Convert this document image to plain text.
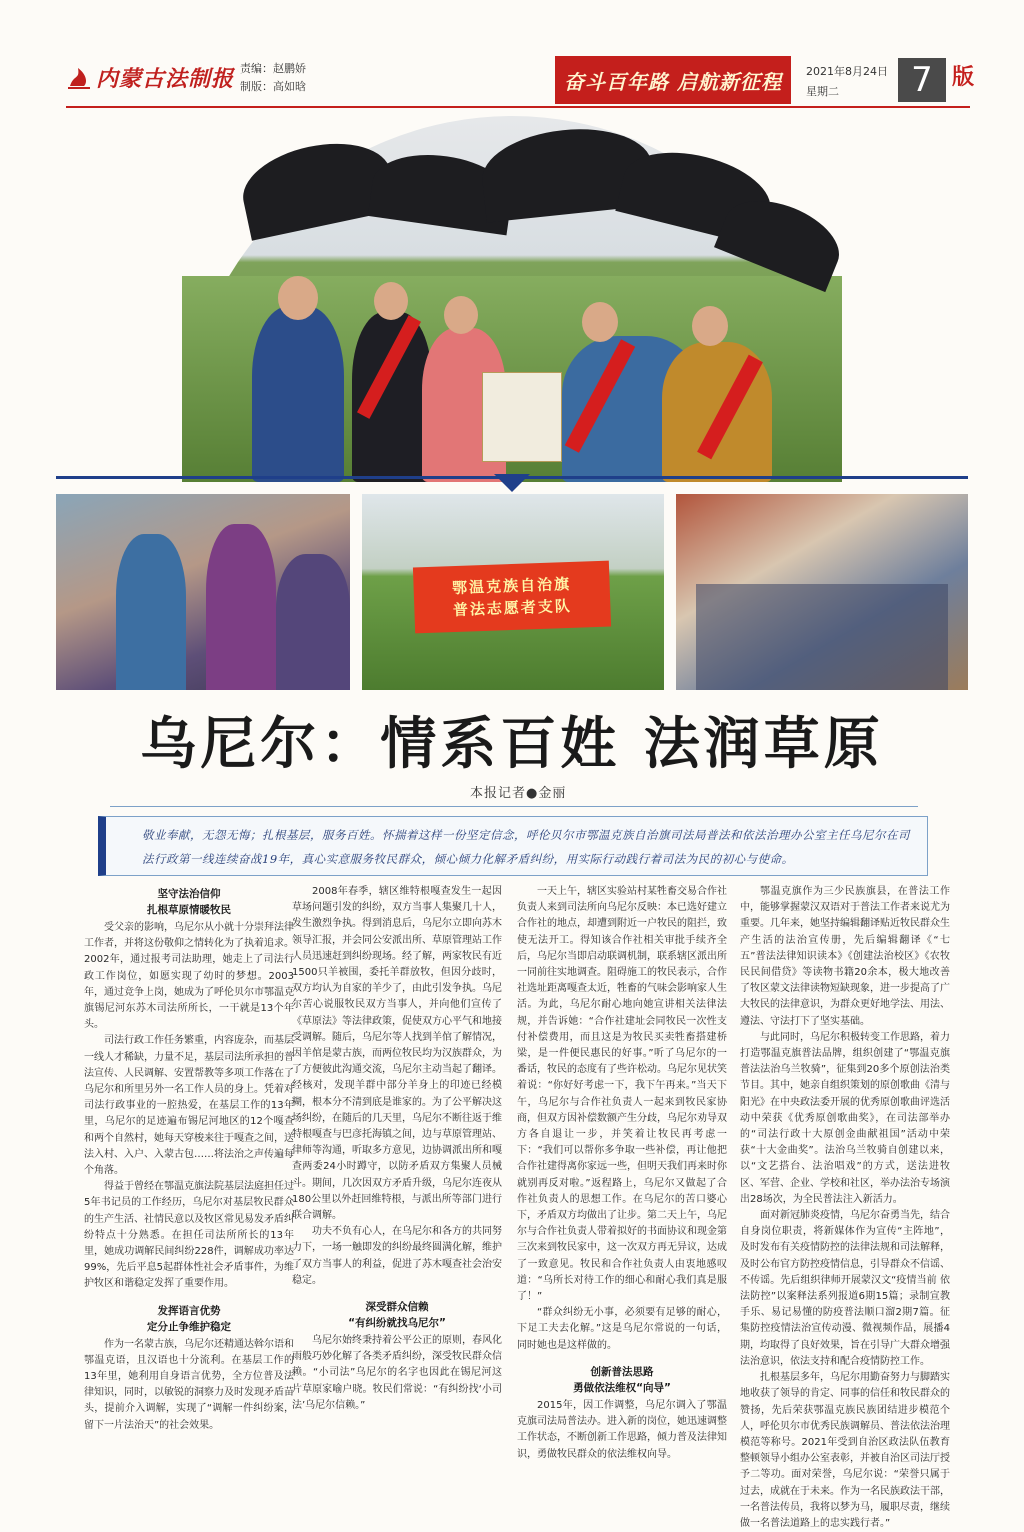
内蒙古法制报 责编：赵鹏娇
制版：高如晗	奋斗百年路 启航新征程 2021年8月24日
星期二	7 版
鄂温克族自治旗
普法志愿者支队
乌尼尔：情系百姓 法润草原
本报记者●金丽

敬业奉献，无怨无悔；扎根基层，服务百姓。怀揣着这样一份坚定信念，呼伦贝尔市鄂温克族自治旗司法局普法和依法治理办公室主任乌尼尔在司法行政第一线连续奋战19年，真心实意服务牧民群众，倾心倾力化解矛盾纠纷，用实际行动践行着司法为民的初心与使命。

坚守法治信仰
扎根草原情暖牧民

受父亲的影响，乌尼尔从小就十分崇拜法律工作者，并将这份敬仰之情转化为了执着追求。2002年，通过报考司法助理，她走上了司法行政工作岗位，如愿实现了幼时的梦想。2003年，通过竞争上岗，她成为了呼伦贝尔市鄂温克旗锡尼河东苏木司法所所长，一干就是13个年头。

司法行政工作任务繁重，内容庞杂，而基层一线人才稀缺，力量不足，基层司法所承担的普法宣传、人民调解、安置帮教等多项工作落在了乌尼尔和所里另外一名工作人员的身上。凭着对司法行政事业的一腔热爱，在基层工作的13年里，乌尼尔的足迹遍布锡尼河地区的12个嘎查和两个自然村，她每天穿梭来往于嘎查之间，送法入村、入户、入蒙古包……将法治之声传遍每个角落。

得益于曾经在鄂温克旗法院基层法庭担任过5年书记员的工作经历，乌尼尔对基层牧民群众的生产生活、社情民意以及牧区常见易发矛盾纠纷特点十分熟悉。在担任司法所所长的13年里，她成功调解民间纠纷228件，调解成功率达99%，先后平息5起群体性社会矛盾事件，为维护牧区和谐稳定发挥了重要作用。

发挥语言优势
定分止争维护稳定

作为一名蒙古族，乌尼尔还精通达斡尔语和鄂温克语，且汉语也十分流利。在基层工作的13年里，她利用自身语言优势，全方位普及法律知识，同时，以敏锐的洞察力及时发现矛盾苗头，提前介入调解，实现了“调解一件纠纷案，留下一片法治天”的社会效果。

2008年春季，辖区维特根嘎查发生一起因草场问题引发的纠纷，双方当事人集聚几十人，发生激烈争执。得到消息后，乌尼尔立即向苏木领导汇报，并会同公安派出所、草原管理站工作人员迅速赶到纠纷现场。经了解，两家牧民有近1500只羊被围，委托羊群放牧，但因分歧时，双方均认为自家的羊少了，由此引发争执。乌尼尔苦心说服牧民双方当事人，并向他们宣传了《草原法》等法律政策，促使双方心平气和地接受调解。随后，乌尼尔等人找到羊倌了解情况，因羊倌是蒙古族，而两位牧民均为汉族群众，为了方便彼此沟通交流，乌尼尔主动当起了翻译。经核对，发现羊群中部分羊身上的印迹已经模糊，根本分不清到底是谁家的。为了公平解决这场纠纷，在随后的几天里，乌尼尔不断往返于维特根嘎查与巴彦托海镇之间，边与草原管理站、律师等沟通，听取多方意见，边协调派出所和嘎查两委24小时蹲守，以防矛盾双方集聚人员械斗。期间，几次因双方矛盾升级，乌尼尔连夜从180公里以外赶回维特根，与派出所等部门进行联合调解。

功夫不负有心人，在乌尼尔和各方的共同努力下，一场一触即发的纠纷最终圆满化解，维护了双方当事人的利益，促进了苏木嘎查社会治安稳定。

深受群众信赖
“有纠纷就找乌尼尔”

乌尼尔始终秉持着公平公正的原则，春风化雨般巧妙化解了各类矛盾纠纷，深受牧民群众信赖。“小司法”乌尼尔的名字也因此在锡尼河这片草原家喻户晓。牧民们常说：“有纠纷找‘小司法’乌尼尔信赖。”

一天上午，辖区实验站村某牲畜交易合作社负责人来到司法所向乌尼尔反映：本已选好建立合作社的地点，却遭到附近一户牧民的阻拦，致使无法开工。得知该合作社相关审批手续齐全后，乌尼尔当即启动联调机制，联系辖区派出所一同前往实地调查。阻碍施工的牧民表示，合作社选址距离嘎查太近，牲畜的气味会影响家人生活。为此，乌尼尔耐心地向她宣讲相关法律法规，并告诉她：“合作社建址会同牧民一次性支付补偿费用，而且这是为牧民买卖牲畜搭建桥梁，是一件便民惠民的好事。”听了乌尼尔的一番话，牧民的态度有了些许松动。乌尼尔见状笑着说：“你好好考虑一下，我下午再来。”当天下午，乌尼尔与合作社负责人一起来到牧民家协商，但双方因补偿数额产生分歧，乌尼尔劝导双方各自退让一步，并笑着让牧民再考虑一下：“我们可以帮你多争取一些补偿，再让他把合作社建得离你家远一些，但明天我们再来时你就别再反对啦。”返程路上，乌尼尔又做起了合作社负责人的思想工作。在乌尼尔的苦口婆心下，矛盾双方均做出了让步。第二天上午，乌尼尔与合作社负责人带着拟好的书面协议和现金第三次来到牧民家中，这一次双方再无异议，达成了一致意见。牧民和合作社负责人由衷地感叹道：“乌所长对待工作的细心和耐心我们真是服了！”

“群众纠纷无小事，必须要有足够的耐心，下足工夫去化解。”这是乌尼尔常说的一句话，同时她也是这样做的。

创新普法思路
勇做依法维权“向导”

2015年，因工作调整，乌尼尔调入了鄂温克旗司法局普法办。进入新的岗位，她迅速调整工作状态，不断创新工作思路，倾力普及法律知识，勇做牧民群众的依法维权向导。

鄂温克旗作为三少民族旗县，在普法工作中，能够掌握蒙汉双语对于普法工作者来说尤为重要。几年来，她坚持编辑翻译贴近牧民群众生产生活的法治宣传册，先后编辑翻译《“七五”普法法律知识读本》《创建法治校区》《农牧民民间借贷》等读物书籍20余本，极大地改善了牧区蒙文法律读物短缺现象，进一步提高了广大牧民的法律意识，为群众更好地学法、用法、遵法、守法打下了坚实基础。

与此同时，乌尼尔积极转变工作思路，着力打造鄂温克旗普法品牌，组织创建了“鄂温克旗普法法治乌兰牧骑”，征集到20多个原创法治类节目。其中，她亲自组织策划的原创歌曲《清与阳光》在中央政法委开展的优秀原创歌曲评选活动中荣获《优秀原创歌曲奖》，在司法部举办的“司法行政十大原创金曲献祖国”活动中荣获“十大金曲奖”。法治乌兰牧骑自创建以来，以“文艺搭台、法治唱戏”的方式，送法进牧区、军营、企业、学校和社区，举办法治专场演出28场次，为全民普法注入新活力。

面对新冠肺炎疫情，乌尼尔奋勇当先，结合自身岗位职责，将新媒体作为宣传“主阵地”，及时发布有关疫情防控的法律法规和司法解释，及时公布官方防控疫情信息，引导群众不信谣、不传谣。先后组织律师开展蒙汉文“疫情当前 依法防控”以案释法系列报道6期15篇；录制宣教手乐、易记易懂的防疫普法顺口溜2期7篇。征集防控疫情法治宣传动漫、微视频作品，展播4期，均取得了良好效果，旨在引导广大群众增强法治意识，依法支持和配合疫情防控工作。

扎根基层多年，乌尼尔用勤奋努力与脚踏实地收获了领导的肯定、同事的信任和牧民群众的赞扬，先后荣获鄂温克族民族团结进步模范个人，呼伦贝尔市优秀民族调解员、普法依法治理模范等称号。2021年受到自治区政法队伍教育整顿领导小组办公室表彰，并被自治区司法厅授予二等功。面对荣誉，乌尼尔说：“荣誉只属于过去，成就在于未来。作为一名民族政法干部，一名普法传员，我将以梦为马，履职尽责，继续做一名普法道路上的忠实践行者。”
